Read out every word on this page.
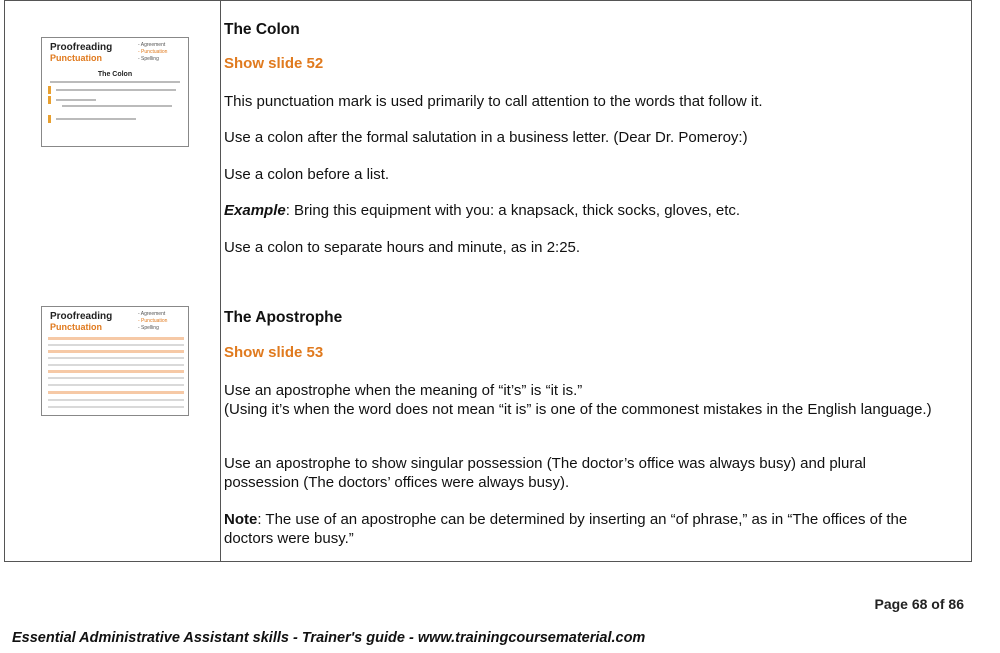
Proofreading
Punctuation
- Agreement
- Punctuation
- Spelling
The Colon
Proofreading
Punctuation
- Agreement
- Punctuation
- Spelling
The Colon
Show slide 52
This punctuation mark is used primarily to call attention to the words that follow it.
Use a colon after the formal salutation in a business letter. (Dear Dr. Pomeroy:)
Use a colon before a list.
Example: Bring this equipment with you: a knapsack, thick socks, gloves, etc.
Use a colon to separate hours and minute, as in 2:25.
The Apostrophe
Show slide 53
Use an apostrophe when the meaning of “it’s” is “it is.”
(Using it’s when the word does not mean “it is” is one of the commonest mistakes in the English language.)
Use an apostrophe to show singular possession (The doctor’s office was always busy) and plural possession (The doctors’ offices were always busy).
Note: The use of an apostrophe can be determined by inserting an “of phrase,” as in “The offices of the doctors were busy.”
Page 68 of 86
Essential Administrative Assistant skills - Trainer's guide - www.trainingcoursematerial.com
